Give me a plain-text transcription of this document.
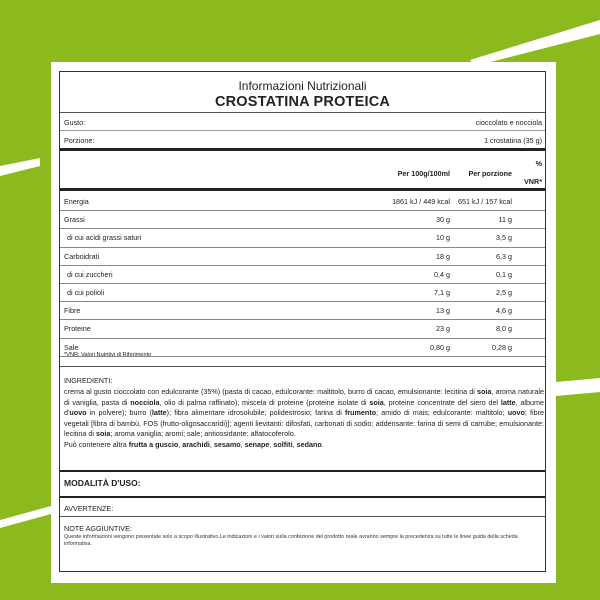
Informazioni Nutrizionali
CROSTATINA PROTEICA
Gusto:	cioccolato e nocciola
Porzione:	1 crostatina (35 g)
Per 100g/100ml	Per porzione
%
VNR*
Energia	1861 kJ / 449 kcal 651 kJ / 157 kcal
Grassi	30 g	11 g
di cui acidi grassi saturi	10 g	3,5 g
Carboidrati	18 g	6,3 g
di cui zuccheri	0,4 g	0,1 g
di cui polioli	7,1 g	2,5 g
Fibre	13 g	4,6 g
Proteine	23 g	8,0 g
Sale	0,80 g	0,28 g
*VNR: Valori Nutritivi di Riferimento
INGREDIENTI:
crema al gusto cioccolato con edulcorante (35%) (pasta di cacao, edulcorante: maltitolo, burro di cacao, emulsionante: lecitina di soia, aroma naturale di vaniglia, pasta di nocciola, olio di palma raffinato); miscela di proteine (proteine isolate di soia, proteine concentrate del siero del latte, albume d'uovo in polvere); burro (latte); fibra alimentare idrosolubile; polidestrosio; farina di frumento; amido di mais; edulcorante: maltitolo; uovo; fibre vegetali [fibra di bambù, FOS (frutto-oligosaccaridi)]; agenti lievitanti: difosfati, carbonati di sodio; addensante: farina di semi di carrube; emulsionante: lecitina di soia; aroma vaniglia; aromi; sale; antiossidante: alfatocoferolo.
Può contenere altra frutta a guscio, arachidi, sesamo, senape, solfiti, sedano.
MODALITÀ D'USO:
AVVERTENZE:
NOTE AGGIUNTIVE:
Queste informazioni vengono presentate solo a scopo illustrativo.Le indicazioni e i valori sulla confezione del prodotto reale avranno sempre la precedenza su tutte le linee guida della scheda informativa.
